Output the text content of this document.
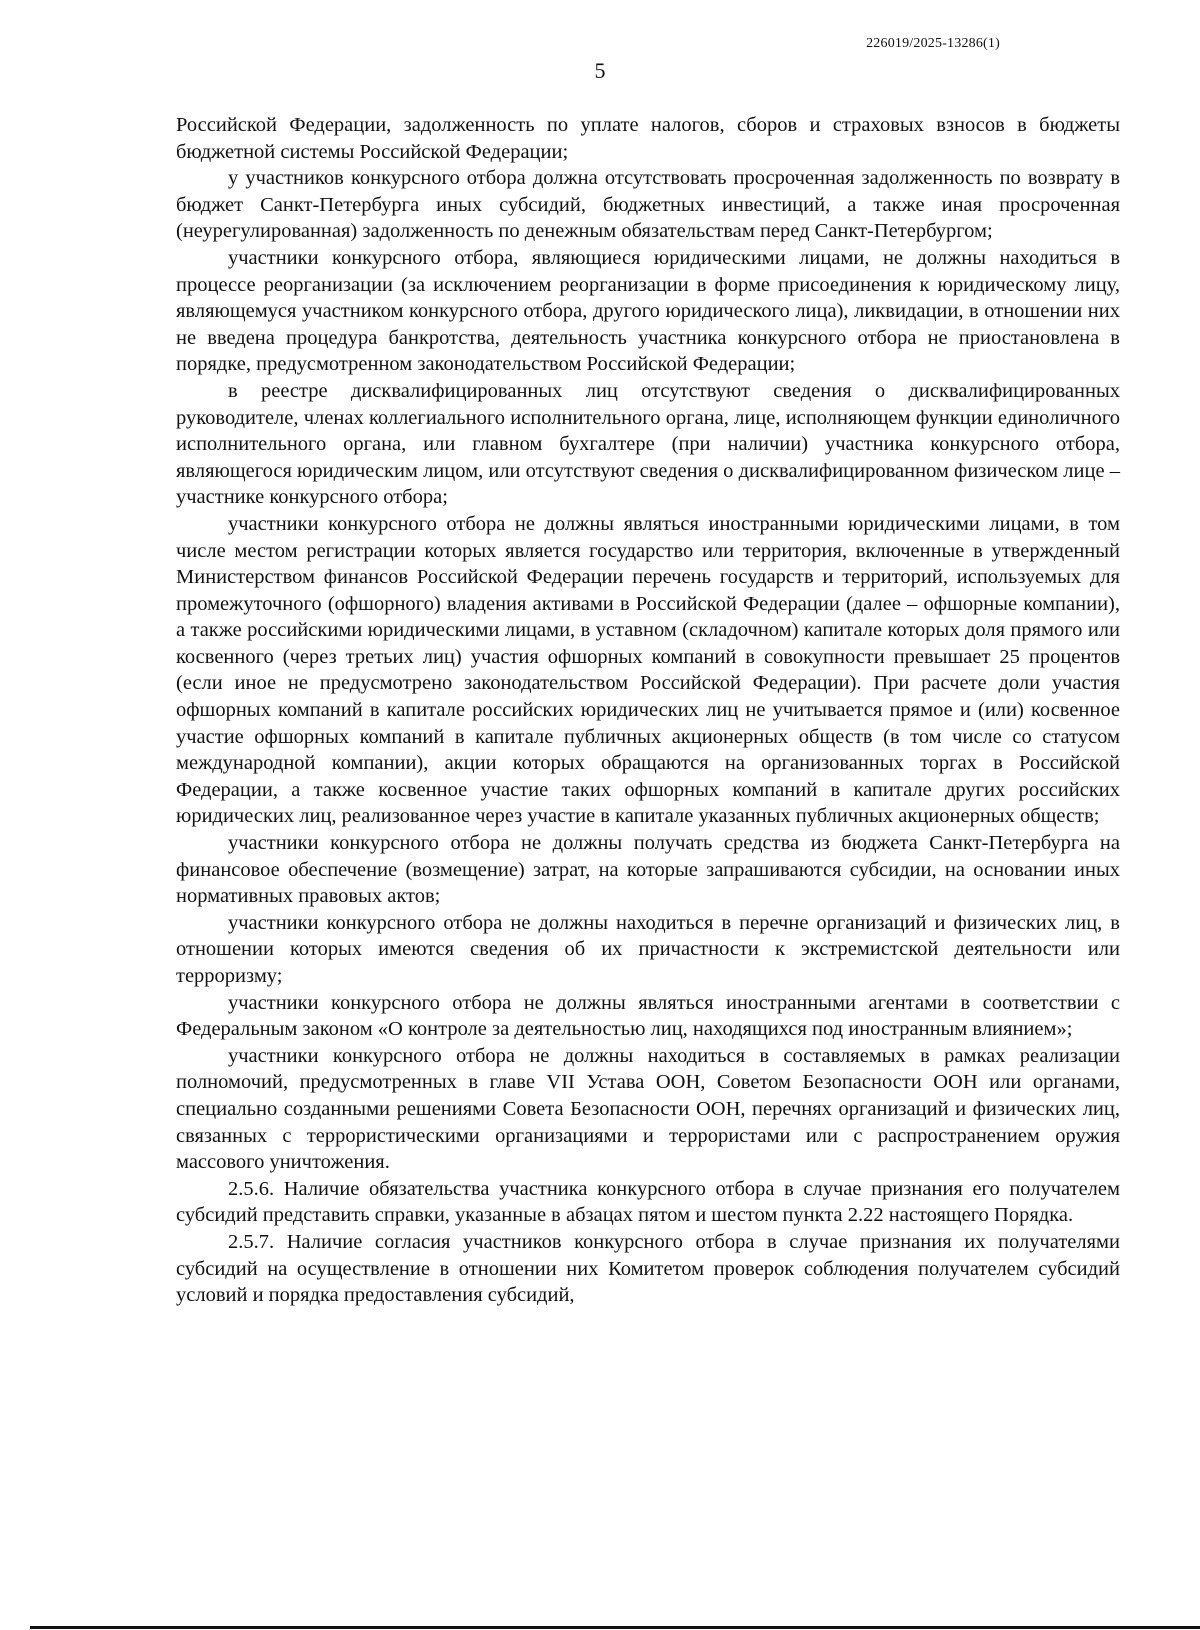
226019/2025-13286(1)
5

Российской Федерации, задолженность по уплате налогов, сборов и страховых взносов в бюджеты бюджетной системы Российской Федерации;

у участников конкурсного отбора должна отсутствовать просроченная задолженность по возврату в бюджет Санкт-Петербурга иных субсидий, бюджетных инвестиций, а также иная просроченная (неурегулированная) задолженность по денежным обязательствам перед Санкт-Петербургом;

участники конкурсного отбора, являющиеся юридическими лицами, не должны находиться в процессе реорганизации (за исключением реорганизации в форме присоединения к юридическому лицу, являющемуся участником конкурсного отбора, другого юридического лица), ликвидации, в отношении них не введена процедура банкротства, деятельность участника конкурсного отбора не приостановлена в порядке, предусмотренном законодательством Российской Федерации;

в реестре дисквалифицированных лиц отсутствуют сведения о дисквалифицированных руководителе, членах коллегиального исполнительного органа, лице, исполняющем функции единоличного исполнительного органа, или главном бухгалтере (при наличии) участника конкурсного отбора, являющегося юридическим лицом, или отсутствуют сведения о дисквалифицированном физическом лице – участнике конкурсного отбора;

участники конкурсного отбора не должны являться иностранными юридическими лицами, в том числе местом регистрации которых является государство или территория, включенные в утвержденный Министерством финансов Российской Федерации перечень государств и территорий, используемых для промежуточного (офшорного) владения активами в Российской Федерации (далее – офшорные компании), а также российскими юридическими лицами, в уставном (складочном) капитале которых доля прямого или косвенного (через третьих лиц) участия офшорных компаний в совокупности превышает 25 процентов (если иное не предусмотрено законодательством Российской Федерации). При расчете доли участия офшорных компаний в капитале российских юридических лиц не учитывается прямое и (или) косвенное участие офшорных компаний в капитале публичных акционерных обществ (в том числе со статусом международной компании), акции которых обращаются на организованных торгах в Российской Федерации, а также косвенное участие таких офшорных компаний в капитале других российских юридических лиц, реализованное через участие в капитале указанных публичных акционерных обществ;

участники конкурсного отбора не должны получать средства из бюджета Санкт-Петербурга на финансовое обеспечение (возмещение) затрат, на которые запрашиваются субсидии, на основании иных нормативных правовых актов;

участники конкурсного отбора не должны находиться в перечне организаций и физических лиц, в отношении которых имеются сведения об их причастности к экстремистской деятельности или терроризму;

участники конкурсного отбора не должны являться иностранными агентами в соответствии с Федеральным законом «О контроле за деятельностью лиц, находящихся под иностранным влиянием»;

участники конкурсного отбора не должны находиться в составляемых в рамках реализации полномочий, предусмотренных в главе VII Устава ООН, Советом Безопасности ООН или органами, специально созданными решениями Совета Безопасности ООН, перечнях организаций и физических лиц, связанных с террористическими организациями и террористами или с распространением оружия массового уничтожения.

2.5.6. Наличие обязательства участника конкурсного отбора в случае признания его получателем субсидий представить справки, указанные в абзацах пятом и шестом пункта 2.22 настоящего Порядка.

2.5.7. Наличие согласия участников конкурсного отбора в случае признания их получателями субсидий на осуществление в отношении них Комитетом проверок соблюдения получателем субсидий условий и порядка предоставления субсидий,
